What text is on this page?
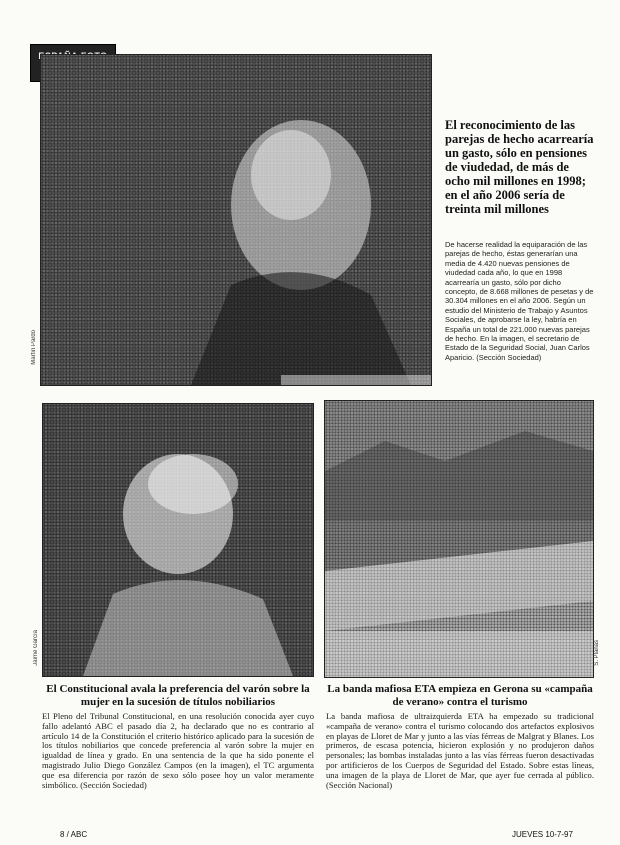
Martín Pardo
El reconocimiento de las parejas de hecho acarrearía un gasto, sólo en pensiones de viudedad, de más de ocho mil millones en 1998; en el año 2006 sería de treinta mil millones
De hacerse realidad la equiparación de las parejas de hecho, éstas generarían una media de 4.420 nuevas pensiones de viudedad cada año, lo que en 1998 acarrearía un gasto, sólo por dicho concepto, de 8.668 millones de pesetas y de 30.304 millones en el año 2006. Según un estudio del Ministerio de Trabajo y Asuntos Sociales, de aprobarse la ley, habría en España un total de 221.000 nuevas parejas de hecho. En la imagen, el secretario de Estado de la Seguridad Social, Juan Carlos Aparicio. (Sección Sociedad)
Jaime García	S. Planas
El Constitucional avala la preferencia del varón sobre la mujer en la sucesión de títulos nobiliarios
El Pleno del Tribunal Constitucional, en una resolución conocida ayer cuyo fallo adelantó ABC el pasado día 2, ha declarado que no es contrario al artículo 14 de la Constitución el criterio histórico aplicado para la sucesión de los títulos nobiliarios que concede preferencia al varón sobre la mujer en igualdad de línea y grado. En una sentencia de la que ha sido ponente el magistrado Julio Diego González Campos (en la imagen), el TC argumenta que esa diferencia por razón de sexo sólo posee hoy un valor meramente simbólico. (Sección Sociedad)
La banda mafiosa ETA empieza en Gerona su «campaña de verano» contra el turismo
La banda mafiosa de ultraizquierda ETA ha empezado su tradicional «campaña de verano» contra el turismo colocando dos artefactos explosivos en playas de Lloret de Mar y junto a las vías férreas de Malgrat y Blanes. Los primeros, de escasa potencia, hicieron explosión y no produjeron daños personales; las bombas instaladas junto a las vías férreas fueron desactivadas por artificieros de los Cuerpos de Seguridad del Estado. Sobre estas líneas, una imagen de la playa de Lloret de Mar, que ayer fue cerrada al público. (Sección Nacional)
8 / ABC	JUEVES 10-7-97
